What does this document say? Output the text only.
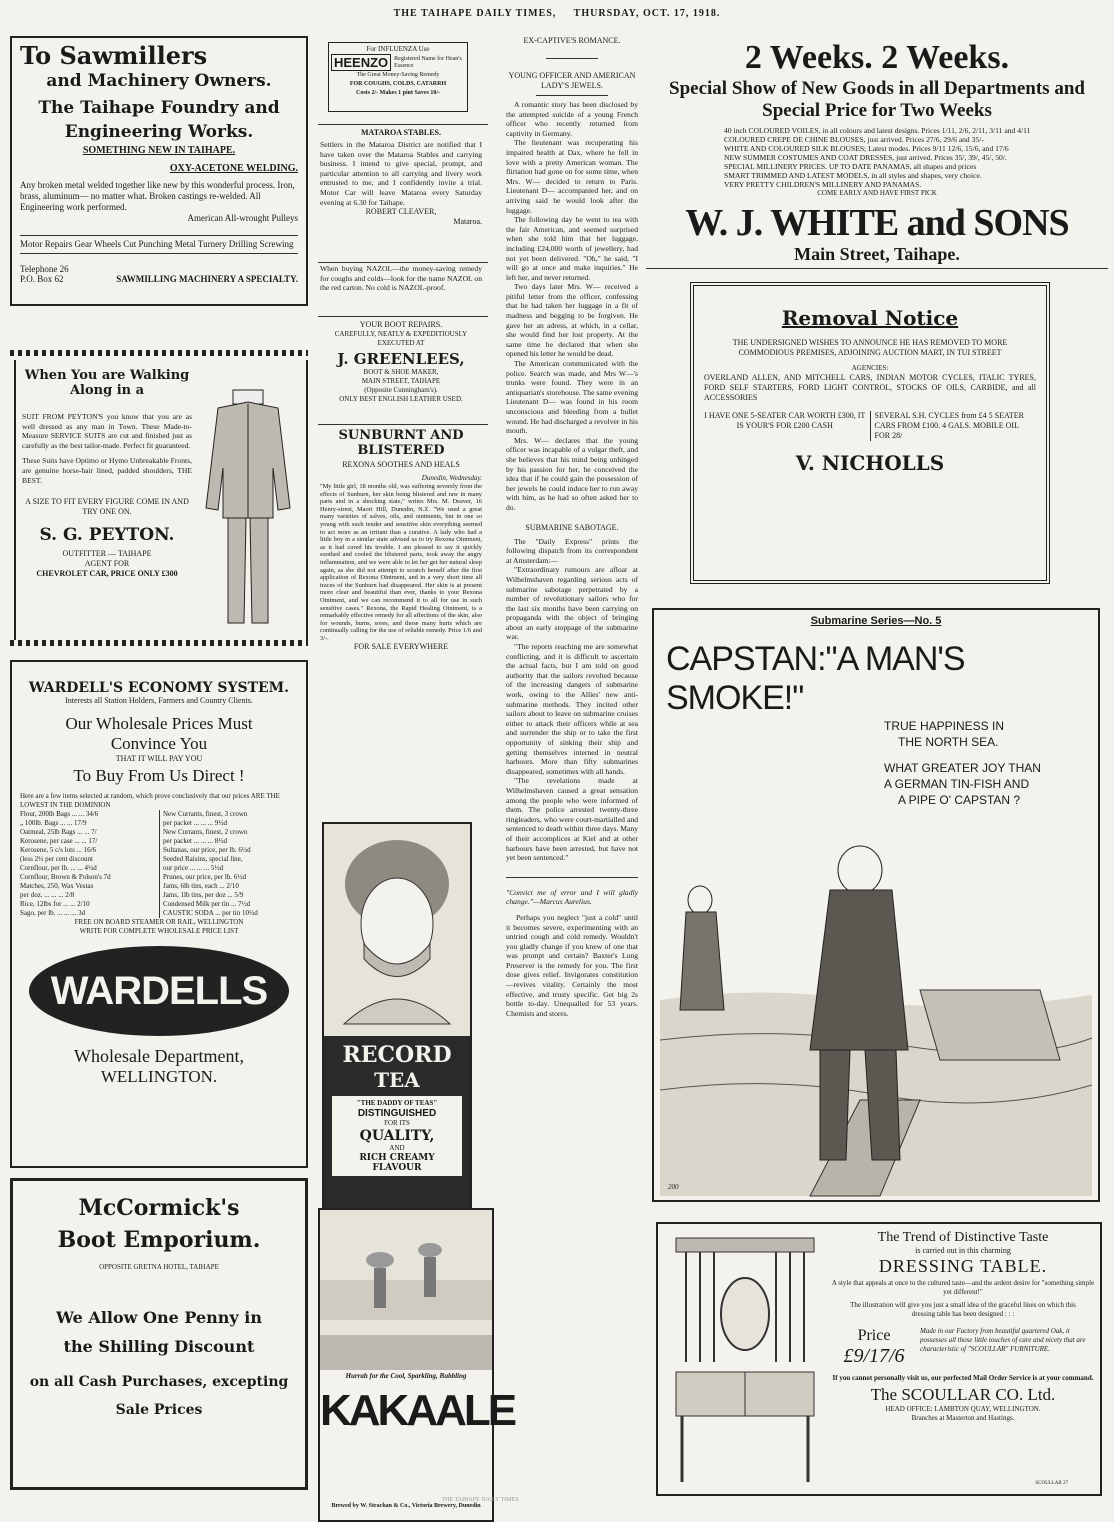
THE TAIHAPE DAILY TIMES, THURSDAY, OCT. 17, 1918.
To Sawmillers
and Machinery Owners.
The Taihape Foundry and
Engineering Works.
SOMETHING NEW IN TAIHAPE.
OXY-ACETONE WELDING.
Any broken metal welded together like new by this wonderful process. Iron, brass, aluminum— no matter what. Broken castings re-welded. All Engineering work performed.
American All-wrought Pulleys
Motor Repairs Gear Wheels Cut Punching Metal Turnery Drilling Screwing
Telephone 26
P.O. Box 62	SAWMILLING MACHINERY A SPECIALTY.
When You are Walking
Along in a
SUIT FROM PEYTON'S you know that you are as well dressed as any man in Town. These Made-to-Measure SERVICE SUITS are cut and finished just as carefully as the best tailor-made. Perfect fit guaranteed.
These Suits have Optimo or Hymo Unbreakable Fronts, are genuine horse-hair lined, padded shoulders, THE BEST.
A SIZE TO FIT EVERY FIGURE COME IN AND TRY ONE ON.
S. G. PEYTON.
OUTFITTER — TAIHAPE
AGENT FOR
CHEVROLET CAR, PRICE ONLY £300
WARDELL'S ECONOMY SYSTEM.
Interests all Station Holders, Farmers and Country Clients.
Our Wholesale Prices Must
Convince You
THAT IT WILL PAY YOU
To Buy From Us Direct !
Here are a few items selected at random, which prove conclusively that our prices ARE THE LOWEST IN THE DOMINION
Flour, 200lb Bags ... ... 34/6
„ 100lb. Bags ... ... 17/9
Oatmeal, 25lb Bags ... ... 7/
Kerosene, per case ... ... 17/
Kerosene, 5 c/s lots ... 16/6
(less 2½ per cent discount
Cornflour, per lb. ... ... 4½d
Cornflour, Brown & Polson's 7d
Matches, 250, Wax Vestas
per doz. ... ... ... 2/8
Rice, 12lbs for ... ... 2/10
Sago, per lb. ... ... ... 3d
New Currants, finest, 3 crown
per packet ... ... ... 9½d
New Currants, finest, 2 crown
per packet ... ... ... 8½d
Sultanas, our price, per lb. 6½d
Seeded Raisins, special line,
our price ... ... ... 5½d
Prunes, our price, per lb. 6½d
Jams, 6lb tins, each ... 2/10
Jams, 1lb tins, per doz ... 5/9
Condensed Milk per tin ... 7½d
CAUSTIC SODA ... per tin 10½d
FREE ON BOARD STEAMER OR RAIL, WELLINGTON
WRITE FOR COMPLETE WHOLESALE PRICE LIST
WARDELLS
Wholesale Department,
WELLINGTON.
McCormick's
Boot Emporium.
OPPOSITE GRETNA HOTEL, TAIHAPE
We Allow One Penny in
the Shilling Discount
on all Cash Purchases, excepting
Sale Prices
For INFLUENZA Use
HEENZO	Registered Name for Hean's Essence
The Great Money-Saving Remedy
FOR COUGHS, COLDS, CATARRH
Costs 2/- Makes 1 pint Saves 10/-
MATAROA STABLES.
Settlers in the Mataroa District are notified that I have taken over the Mataroa Stables and carrying business. I intend to give special, prompt, and particular attention to all carrying and livery work entrusted to me, and I confidently invite a trial. Motor Car will leave Mataroa every Saturday evening at 6.30 for Taihape.
ROBERT CLEAVER,
Mataroa.
When buying NAZOL—the money-saving remedy for coughs and colds—look for the name NAZOL on the red carton. No cold is NAZOL-proof.
YOUR BOOT REPAIRS.
CAREFULLY, NEATLY & EXPEDITIOUSLY EXECUTED AT
J. GREENLEES,
BOOT & SHOE MAKER,
MAIN STREET, TAIHAPE
(Opposite Cunningham's).
ONLY BEST ENGLISH LEATHER USED.
SUNBURNT AND
BLISTERED
REXONA SOOTHES AND HEALS
Dunedin, Wednesday.
"My little girl, 18 months old, was suffering severely from the effects of Sunburn, her skin being blistered and raw in many parts and in a shocking state," writes Mrs. M. Deaver, 16 Henry-street, Maori Hill, Dunedin, N.Z. "We used a great many varieties of salves, oils, and ointments, but in one so young with such tender and sensitive skin everything seemed to act more as an irritant than a curative. A lady who had a little boy in a similar state advised us to try Rexona Ointment, as it had cured his trouble. I am pleased to say it quickly soothed and cooled the blistered parts, took away the angry inflammation, and we were able to let her get her natural sleep again, as she did not attempt to scratch herself after the first application of Rexona Ointment, and in a very short time all traces of the Sunburn had disappeared. Her skin is at present more clear and beautiful than ever, thanks to your Rexona Ointment, and we can recommend it to all for use in such sensitive cases." Rexona, the Rapid Healing Ointment, is a remarkably effective remedy for all affections of the skin, also for wounds, burns, sores, and those many hurts which are continually calling for the use of reliable remedy. Price 1/6 and 3/-.
FOR SALE EVERYWHERE
RECORD
TEA
"THE DADDY OF TEAS"
DISTINGUISHED
FOR ITS
QUALITY,
AND
RICH CREAMY FLAVOUR
Hurrah for the Cool, Sparkling, Bubbling
KAKAALE
Brewed by W. Strachan & Co., Victoria Brewery, Dunedin
EX-CAPTIVE'S ROMANCE.
YOUNG OFFICER AND AMERICAN LADY'S JEWELS.
A romantic story has been disclosed by the attempted suicide of a young French officer who recently returned from captivity in Germany.
The lieutenant was recuperating his impaired health at Dax, where he fell in love with a pretty American woman. The flirtation had gone on for some time, when Mrs. W— decided to return to Paris. Lieutenant D— accompanied her, and on arriving said he would look after the luggage.
The following day he went to tea with the fair American, and seemed surprised when she told him that her luggage, including £24,000 worth of jewellery, had not yet been delivered. "Oh," he said, "I will go at once and make inquiries." He left her, and never returned.
Two days later Mrs. W— received a pitiful letter from the officer, confessing that he had taken her luggage in a fit of madness and begging to be forgiven. He gave her an adress, at which, in a cellar, she would find her lost property. At the same time he declared that when she opened his letter he would be dead.
The American communicated with the police. Search was made, and Mrs W—'s trunks were found. They were in an antiquarian's storehouse. The same evening Lieutenant D— was found in his room unconscious and bleeding from a bullet wound. He had discharged a revolver in his mouth.
Mrs. W— declares that the young officer was incapable of a vulgar theft, and she believes that his mind being unhinged by his passion for her, he conceived the idea that if he could gain the possession of her jewels he could induce her to run away with him, as he had so often asked her to do.
SUBMARINE SABOTAGE.
The "Daily Express" prints the following dispatch from its correspondent at Amsterdam:—
"Extraordinary rumours are afloat at Wilhelmshaven regarding serious acts of submarine sabotage perpetrated by a number of revolutionary sailors who for the last six months have been carrying on propaganda with the object of bringing about an early stoppage of the submarine war.
"The reports reaching me are somewhat conflicting, and it is difficult to ascertain the actual facts, but I am told on good authority that the sailors revolted because of the increasing dangers of submarine work, owing to the Allies' new anti-submarine methods. They incited other sailors about to leave on submarine cruises either to attack their officers while at sea and surrender the ship or to take the first opportunity of sinking their ship and getting themselves interned in neutral harbours. More than fifty submarines disappeared, sometimes with all hands.
"The revelations made at Wilhelmshaven caused a great sensation among the people who were informed of them. The police arrested twenty-three ringleaders, who were court-martialled and sentenced to death within three days. Many of their accomplices at Kiel and at other harbours have been arrested, but have not yet been sentenced."
"Convict me of error and I will gladly change."—Marcus Aurelius.
Perhaps you neglect "just a cold" until it becomes severe, experimenting with an untried cough and cold remedy. Wouldn't you gladly change if you knew of one that was prompt and certain? Baxter's Lung Preserver is the remedy for you. The first dose gives relief. Invigorates constitution—revives vitality. Certainly the most effective, and trusty specific. Get big 2s bottle to-day. Unequalled for 53 years. Chemists and stores.
2 Weeks. 2 Weeks.
Special Show of New Goods in all Departments and Special Price for Two Weeks
40 inch COLOURED VOILES, in all colours and latest designs. Prices 1/11, 2/6, 2/11, 3/11 and 4/11
COLOURED CREPE DE CHINE BLOUSES, just arrived. Prices 27/6, 29/6 and 35/-
WHITE AND COLOURED SILK BLOUSES; Latest modes. Prices 9/11 12/6, 15/6, and 17/6
NEW SUMMER COSTUMES AND COAT DRESSES, just arrived. Prices 35/, 39/, 45/, 50/.
SPECIAL MILLINERY PRICES. UP TO DATE PANAMAS, all shapes and prices
SMART TRIMMED AND LATEST MODELS, in all styles and shapes, very choice.
VERY PRETTY CHILDREN'S MILLINERY AND PANAMAS.
COME EARLY AND HAVE FIRST PICK
W. J. WHITE and SONS
Main Street, Taihape.
Removal Notice
THE UNDERSIGNED WISHES TO ANNOUNCE HE HAS REMOVED TO MORE COMMODIOUS PREMISES, ADJOINING AUCTION MART, IN TUI STREET
AGENCIES:
OVERLAND ALLEN, AND MITCHELL CARS, INDIAN MOTOR CYCLES, ITALIC TYRES, FORD SELF STARTERS, FORD LIGHT CONTROL, STOCKS OF OILS, CARBIDE, and all ACCESSORIES
I HAVE ONE 5-SEATER CAR WORTH £300, IT IS YOUR'S FOR £200 CASH
SEVERAL S.H. CYCLES from £4 5 SEATER CARS FROM £100. 4 GALS. MOBILE OIL FOR 28/
V. NICHOLLS
Submarine Series—No. 5
CAPSTAN:"A MAN'S SMOKE!"
TRUE HAPPINESS IN
THE NORTH SEA.
WHAT GREATER JOY THAN
A GERMAN TIN-FISH AND
A PIPE O' CAPSTAN ?
200
The Trend of Distinctive Taste
is carried out in this charming
DRESSING TABLE.
A style that appeals at once to the cultured taste—and the ardent desire for "something simple yet different!"
The illustration will give you just a small idea of the graceful lines on which this dressing table has been designed : : :
Price
£9/17/6
Made in our Factory from beautiful quartered Oak, it possesses all those little touches of care and nicety that are characteristic of "SCOULLAR" FURNITURE.
If you cannot personally visit us, our perfected Mail Order Service is at your command.
The SCOULLAR CO. Ltd.
HEAD OFFICE: LAMBTON QUAY, WELLINGTON.
Branches at Masterton and Hastings.
SCOULLAR 27
THE TAIHAPE DAILY TIMES
